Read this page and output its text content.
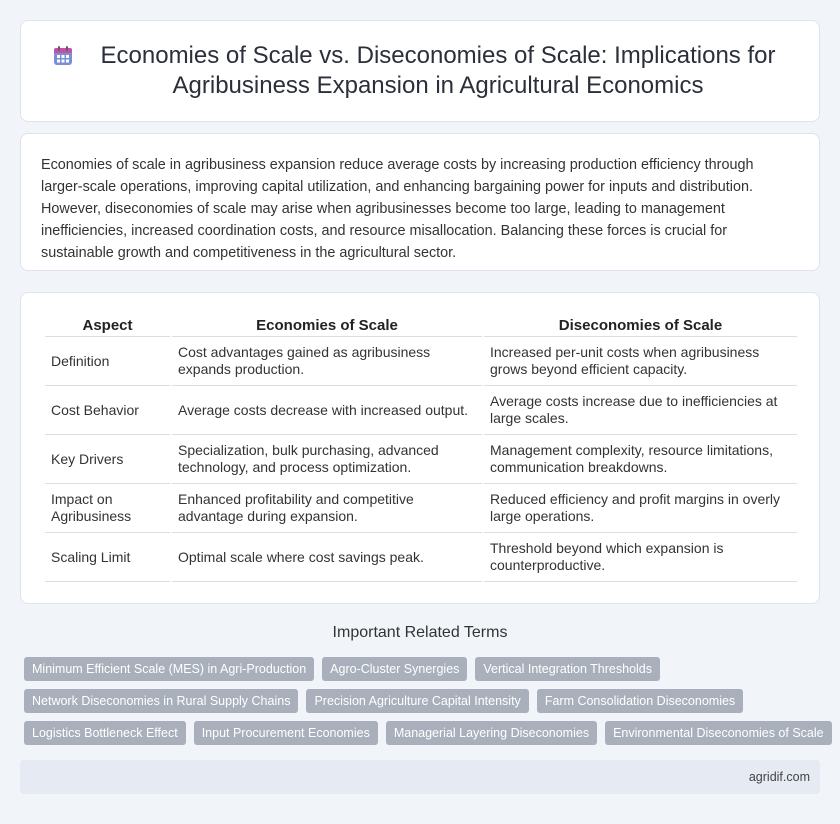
Economies of Scale vs. Diseconomies of Scale: Implications for Agribusiness Expansion in Agricultural Economics

Economies of scale in agribusiness expansion reduce average costs by increasing production efficiency through larger-scale operations, improving capital utilization, and enhancing bargaining power for inputs and distribution. However, diseconomies of scale may arise when agribusinesses become too large, leading to management inefficiencies, increased coordination costs, and resource misallocation. Balancing these forces is crucial for sustainable growth and competitiveness in the agricultural sector.

Aspect	Economies of Scale	Diseconomies of Scale
Definition	Cost advantages gained as agribusiness expands production.	Increased per-unit costs when agribusiness grows beyond efficient capacity.
Cost Behavior	Average costs decrease with increased output.	Average costs increase due to inefficiencies at large scales.
Key Drivers	Specialization, bulk purchasing, advanced technology, and process optimization.	Management complexity, resource limitations, communication breakdowns.
Impact on Agribusiness	Enhanced profitability and competitive advantage during expansion.	Reduced efficiency and profit margins in overly large operations.
Scaling Limit	Optimal scale where cost savings peak.	Threshold beyond which expansion is counterproductive.
Important Related Terms
Minimum Efficient Scale (MES) in Agri-Production	Agro-Cluster Synergies	Vertical Integration Thresholds
Network Diseconomies in Rural Supply Chains	Precision Agriculture Capital Intensity	Farm Consolidation Diseconomies
Logistics Bottleneck Effect	Input Procurement Economies	Managerial Layering Diseconomies	Environmental Diseconomies of Scale
agridif.com
